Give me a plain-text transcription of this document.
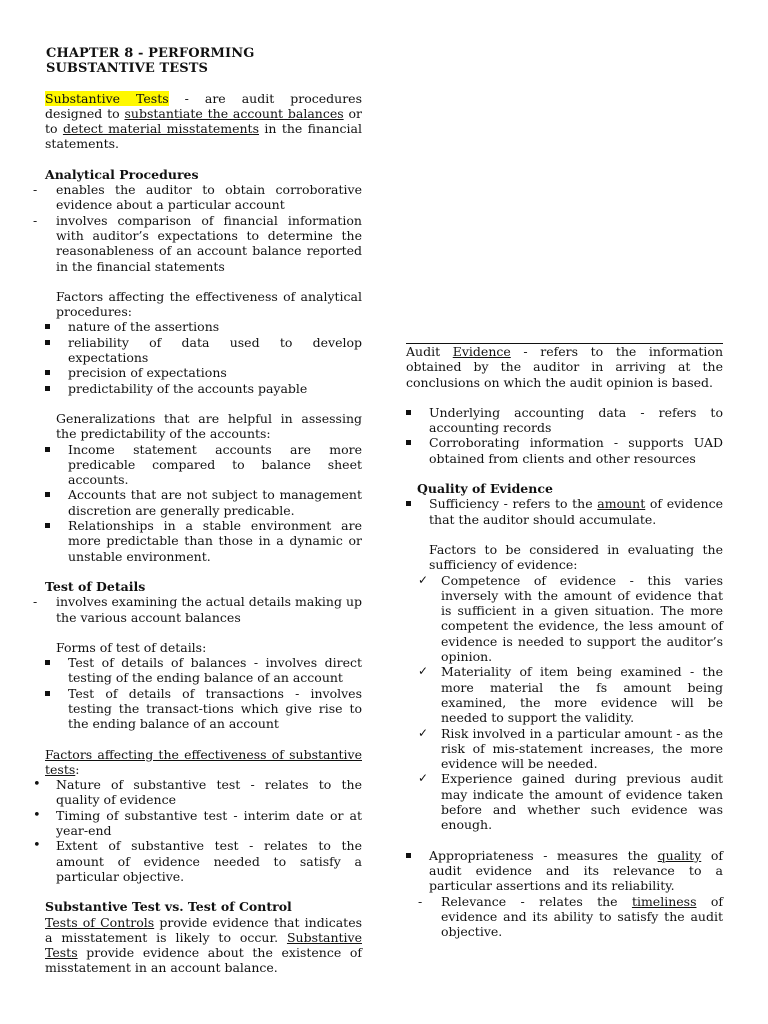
CHAPTER 8 - PERFORMING SUBSTANTIVE TESTS

Substantive Tests - are audit procedures designed to substantiate the account balances or to detect material misstatements in the financial statements.

Analytical Procedures
-	enables the auditor to obtain corroborative evidence about a particular account
-	involves comparison of financial information with auditor’s expectations to determine the reasonableness of an account balance reported in the financial statements

Factors affecting the effectiveness of analytical procedures:

nature of the assertions
reliability of data used to develop expectations
precision of expectations
predictability of the accounts payable

Generalizations that are helpful in assessing the predictability of the accounts:

Income statement accounts are more predicable compared to balance sheet accounts.
Accounts that are not subject to management discretion are generally predicable.
Relationships in a stable environment are more predictable than those in a dynamic or unstable environment.
Test of Details
-	involves examining the actual details making up the various account balances

Forms of test of details:

Test of details of balances - involves direct testing of the ending balance of an account
Test of details of transactions - involves testing the transact-tions which give rise to the ending balance of an account

Factors affecting the effectiveness of substantive tests:

• Nature of substantive test - relates to the quality of evidence
• Timing of substantive test - interim date or at year-end
• Extent of substantive test - relates to the amount of evidence needed to satisfy a particular objective.
Substantive Test vs. Test of Control

Tests of Controls provide evidence that indicates a misstatement is likely to occur. Substantive Tests provide evidence about the existence of misstatement in an account balance.

Audit Evidence - refers to the information obtained by the auditor in arriving at the conclusions on which the audit opinion is based.

Underlying accounting data - refers to accounting records
Corroborating information - supports UAD obtained from clients and other resources
Quality of Evidence
Sufficiency - refers to the amount of evidence that the auditor should accumulate.

Factors to be considered in evaluating the sufficiency of evidence:

✓ Competence of evidence - this varies inversely with the amount of evidence that is sufficient in a given situation. The more competent the evidence, the less amount of evidence is needed to support the auditor’s opinion.
✓ Materiality of item being examined - the more material the fs amount being examined, the more evidence will be needed to support the validity.
✓ Risk involved in a particular amount - as the risk of mis-statement increases, the more evidence will be needed.
✓ Experience gained during previous audit may indicate the amount of evidence taken before and whether such evidence was enough.
Appropriateness - measures the quality of audit evidence and its relevance to a particular assertions and its reliability.
- Relevance - relates the timeliness of evidence and its ability to satisfy the audit objective.
